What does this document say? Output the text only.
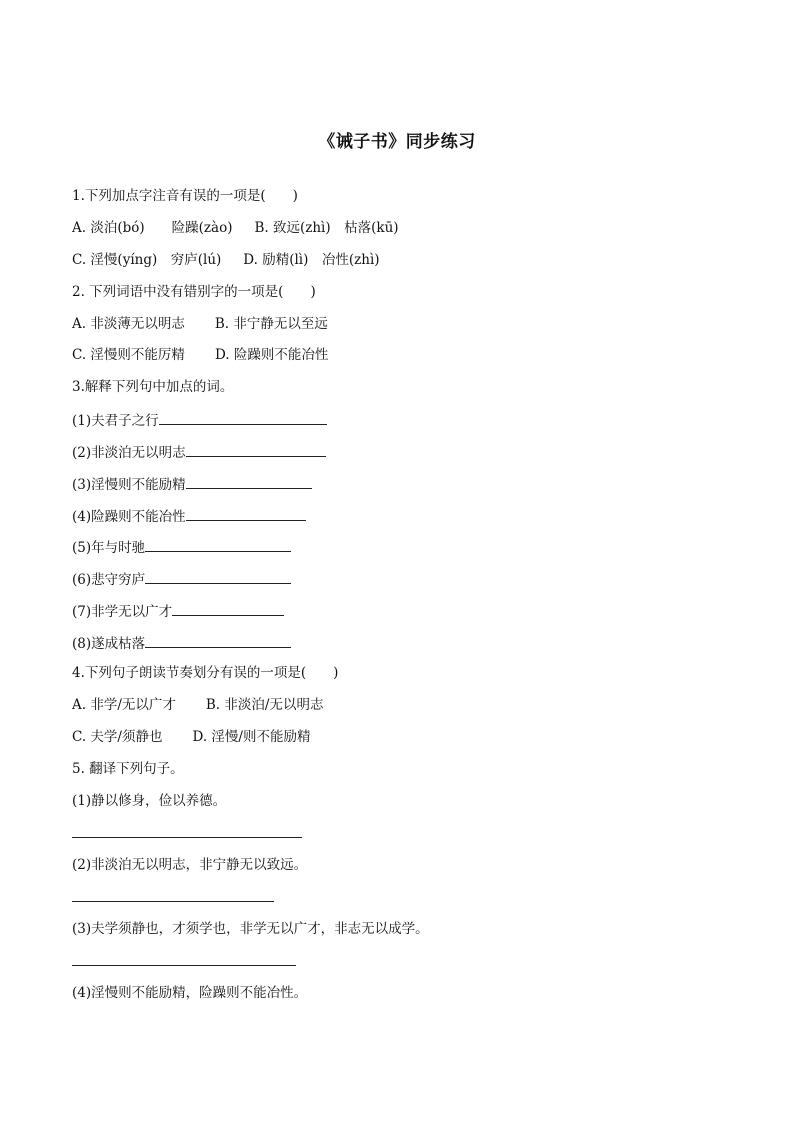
《诫子书》同步练习
1.下列加点字注音有误的一项是(　　)
A. 淡泊(bó)　　险躁(zào) B. 致远(zhì)　枯落(kū)
C. 淫慢(yíng)　穷庐(lú) D. 励精(lì)　冶性(zhì)
2. 下列词语中没有错别字的一项是(　　)
A. 非淡薄无以明志 B. 非宁静无以至远
C. 淫慢则不能厉精 D. 险躁则不能冶性
3.解释下列句中加点的词。
(1)夫君子之行
(2)非淡泊无以明志
(3)淫慢则不能励精
(4)险躁则不能冶性
(5)年与时驰
(6)悲守穷庐
(7)非学无以广才
(8)遂成枯落
4.下列句子朗读节奏划分有误的一项是(　　)
A. 非学/无以广才 B. 非淡泊/无以明志
C. 夫学/须静也 D. 淫慢/则不能励精
5. 翻译下列句子。
(1)静以修身，俭以养德。
(2)非淡泊无以明志，非宁静无以致远。
(3)夫学须静也，才须学也，非学无以广才，非志无以成学。
(4)淫慢则不能励精，险躁则不能冶性。
